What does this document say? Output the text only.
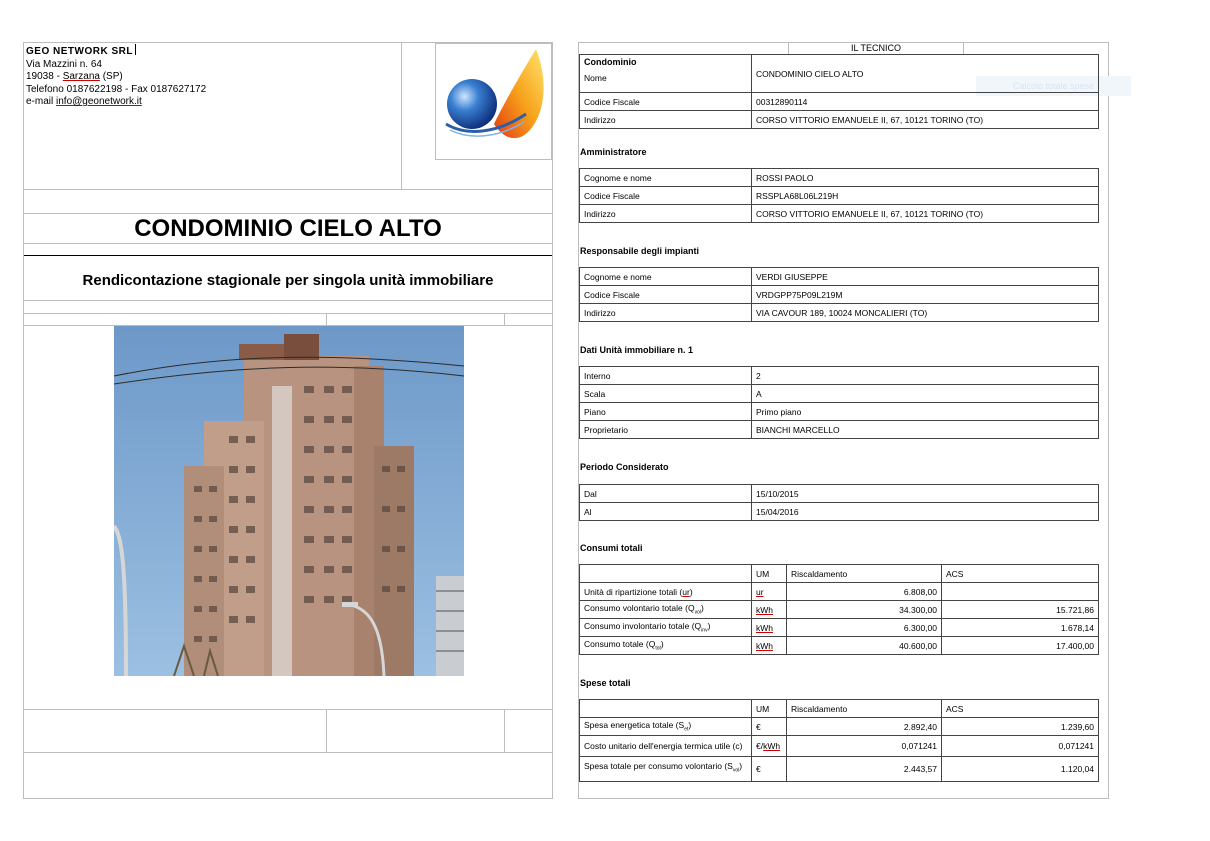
GEO NETWORK SRL
Via Mazzini n. 64
19038 - Sarzana (SP)
Telefono 0187622198 - Fax 0187627172
e-mail info@geonetwork.it
CONDOMINIO CIELO ALTO
Rendicontazione stagionale per singola unità immobiliare
IL TECNICO
Calcolo totale spese
Condominio
Nome	CONDOMINIO CIELO ALTO
Codice Fiscale	00312890114
Indirizzo	CORSO VITTORIO EMANUELE II, 67, 10121 TORINO (TO)
Amministratore
Cognome e nome	ROSSI PAOLO
Codice Fiscale	RSSPLA68L06L219H
Indirizzo	CORSO VITTORIO EMANUELE II, 67, 10121 TORINO (TO)
Responsabile degli impianti
Cognome e nome	VERDI GIUSEPPE
Codice Fiscale	VRDGPP75P09L219M
Indirizzo	VIA CAVOUR 189, 10024 MONCALIERI (TO)
Dati Unità immobiliare n. 1
Interno	2
Scala	A
Piano	Primo piano
Proprietario	BIANCHI MARCELLO
Periodo Considerato
Dal	15/10/2015
Al	15/04/2016
Consumi totali
	UM	Riscaldamento	ACS
Unità di ripartizione totali (ur)	ur	6.808,00	
Consumo volontario totale $(Q_{vol})$	kWh	34.300,00	15.721,86
Consumo involontario totale $(Q_{inv})$	kWh	6.300,00	1.678,14
Consumo totale $(Q_{tot})$	kWh	40.600,00	17.400,00
Spese totali
	UM	Riscaldamento	ACS
Spesa energetica totale $(S_{et})$	€	2.892,40	1.239,60
Costo unitario dell'energia termica utile (c)	€/kWh	0,071241	0,071241
Spesa totale per consumo volontario $(S_{vol})$	€	2.443,57	1.120,04
